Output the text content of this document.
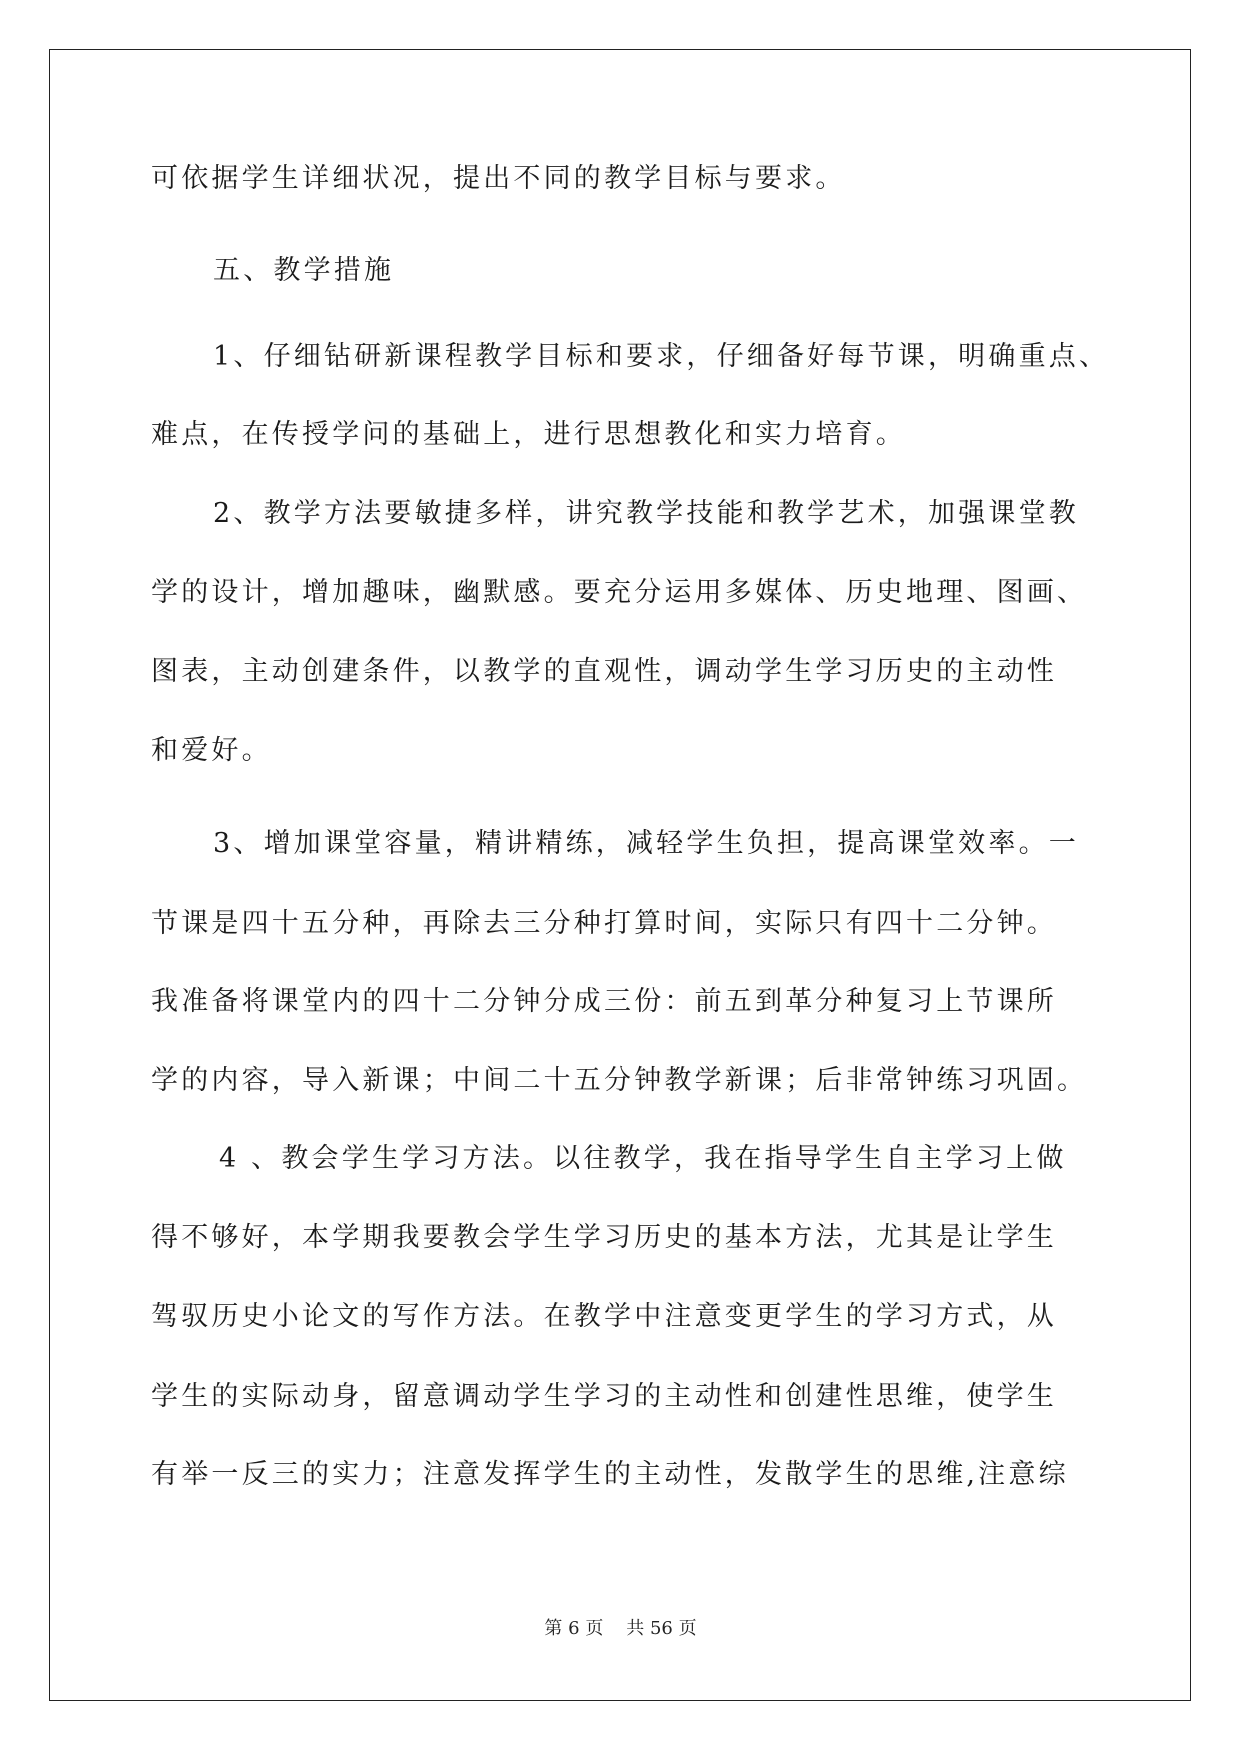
可依据学生详细状况，提出不同的教学目标与要求。
五、教学措施
1、仔细钻研新课程教学目标和要求，仔细备好每节课，明确重点、
难点，在传授学问的基础上，进行思想教化和实力培育。
2、教学方法要敏捷多样，讲究教学技能和教学艺术，加强课堂教
学的设计，增加趣味，幽默感。要充分运用多媒体、历史地理、图画、
图表，主动创建条件，以教学的直观性，调动学生学习历史的主动性
和爱好。
3、增加课堂容量，精讲精练，减轻学生负担，提高课堂效率。一
节课是四十五分种，再除去三分种打算时间，实际只有四十二分钟。
我准备将课堂内的四十二分钟分成三份：前五到革分种复习上节课所
学的内容，导入新课；中间二十五分钟教学新课；后非常钟练习巩固。
4 、教会学生学习方法。以往教学，我在指导学生自主学习上做
得不够好，本学期我要教会学生学习历史的基本方法，尤其是让学生
驾驭历史小论文的写作方法。在教学中注意变更学生的学习方式，从
学生的实际动身，留意调动学生学习的主动性和创建性思维，使学生
有举一反三的实力；注意发挥学生的主动性，发散学生的思维,注意综
第 6 页 共 56 页
